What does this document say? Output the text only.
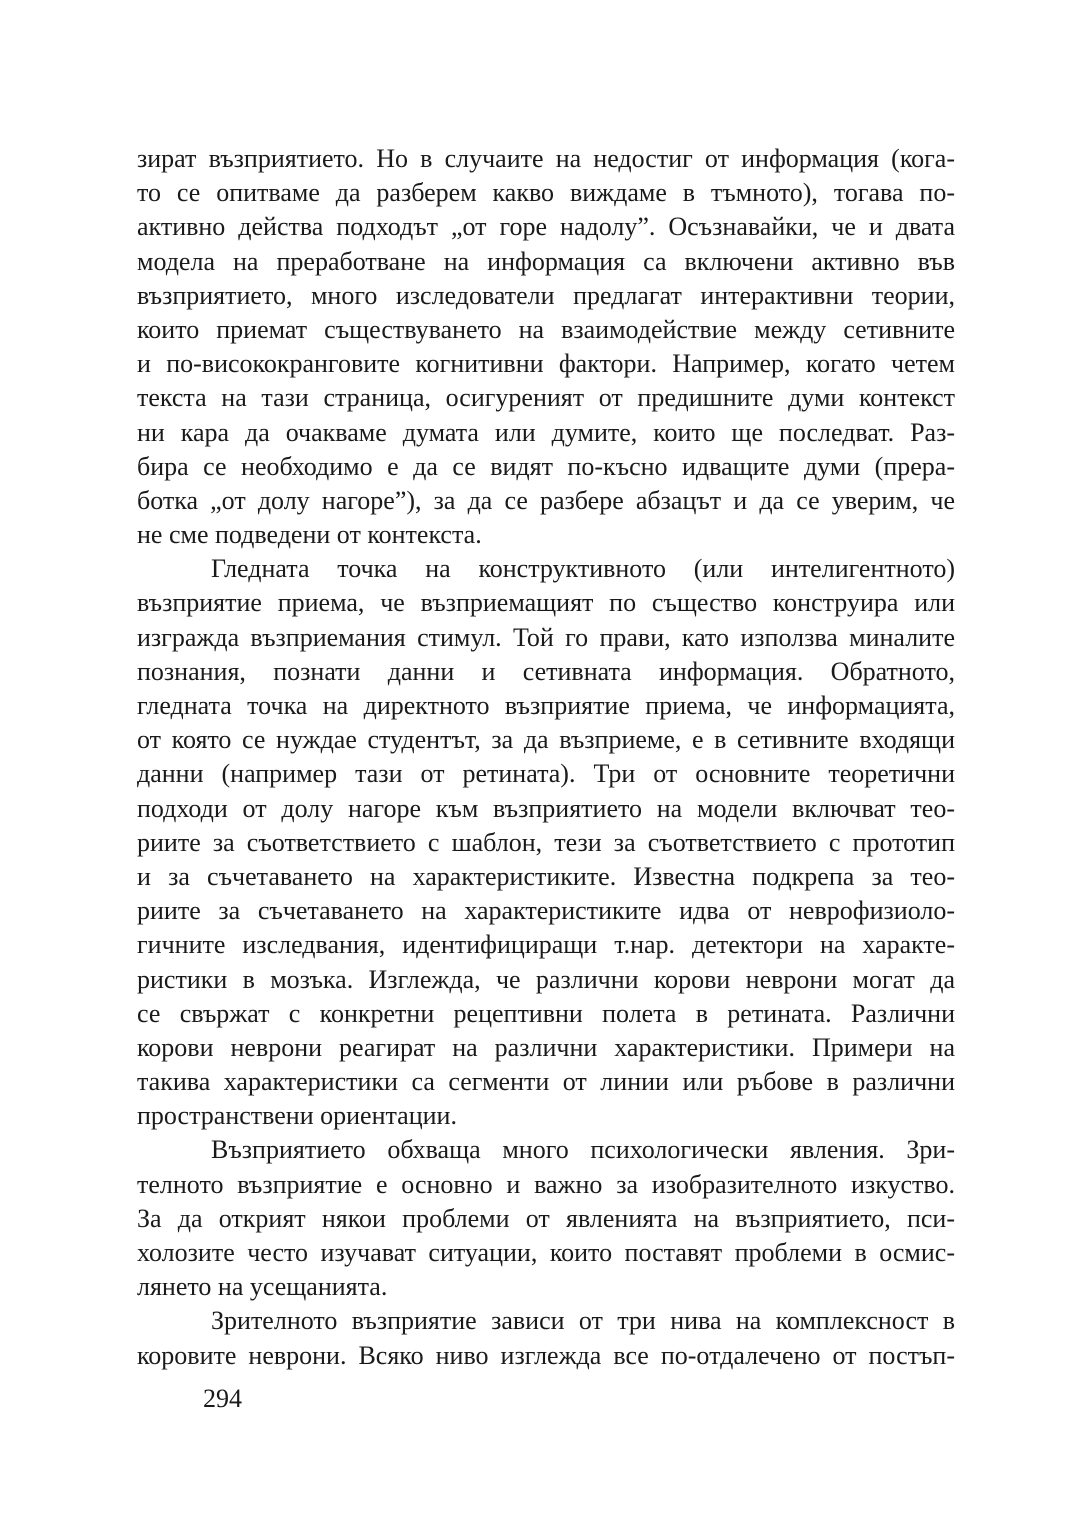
зират възприятието. Но в случаите на недостиг от информация (кога-
то се опитваме да разберем какво виждаме в тъмното), тогава по-
активно действа подходът „от горе надолу”. Осъзнавайки, че и двата
модела на преработване на информация са включени активно във
възприятието, много изследователи предлагат интерактивни теории,
които приемат съществуването на взаимодействие между сетивните
и по-висококранговите когнитивни фактори. Например, когато четем
текста на тази страница, осигуреният от предишните думи контекст
ни кара да очакваме думата или думите, които ще последват. Раз-
бира се необходимо е да се видят по-късно идващите думи (прера-
ботка „от долу нагоре”), за да се разбере абзацът и да се уверим, че
не сме подведени от контекста.
Гледната точка на конструктивното (или интелигентното)
възприятие приема, че възприемащият по същество конструира или
изгражда възприемания стимул. Той го прави, като използва миналите
познания, познати данни и сетивната информация. Обратното,
гледната точка на директното възприятие приема, че информацията,
от която се нуждае студентът, за да възприеме, е в сетивните входящи
данни (например тази от ретината). Три от основните теоретични
подходи от долу нагоре към възприятието на модели включват тео-
риите за съответствието с шаблон, тези за съответствието с прототип
и за съчетаването на характеристиките. Известна подкрепа за тео-
риите за съчетаването на характеристиките идва от неврофизиоло-
гичните изследвания, идентифициращи т.нар. детектори на характе-
ристики в мозъка. Изглежда, че различни корови неврони могат да
се свържат с конкретни рецептивни полета в ретината. Различни
корови неврони реагират на различни характеристики. Примери на
такива характеристики са сегменти от линии или ръбове в различни
пространствени ориентации.
Възприятието обхваща много психологически явления. Зри-
телното възприятие е основно и важно за изобразителното изкуство.
За да открият някои проблеми от явленията на възприятието, пси-
холозите често изучават ситуации, които поставят проблеми в осмис-
лянето на усещанията.
Зрителното възприятие зависи от три нива на комплексност в
коровите неврони. Всяко ниво изглежда все по-отдалечено от постъп-
294
